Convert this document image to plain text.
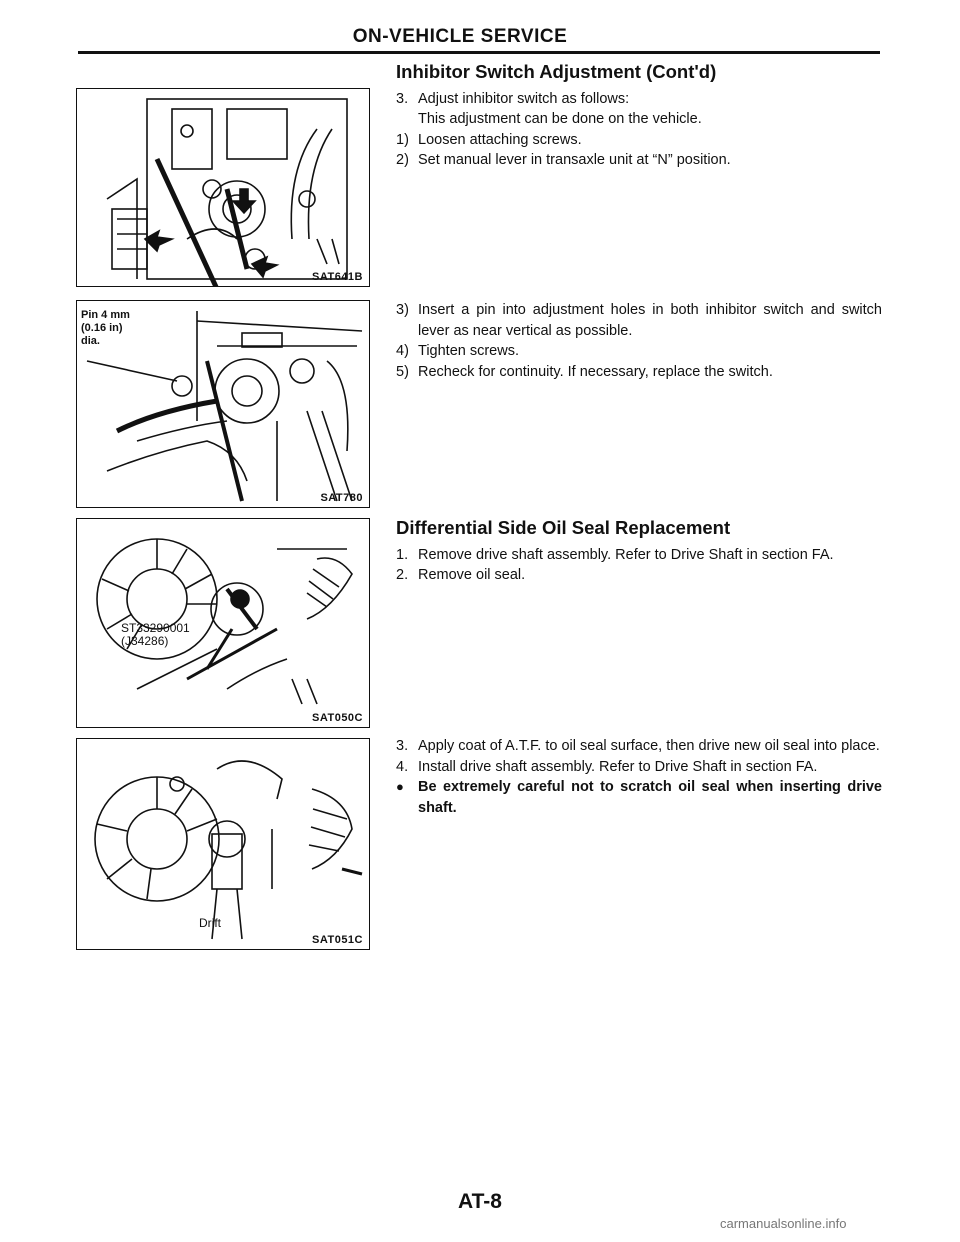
ON-VEHICLE SERVICE
SAT641B
Pin 4 mm
(0.16 in)
dia.
SAT780
ST33290001
(J34286)
SAT050C
Drift
SAT051C
Inhibitor Switch Adjustment (Cont'd)
3. Adjust inhibitor switch as follows:
This adjustment can be done on the vehicle.
1) Loosen attaching screws.
2) Set manual lever in transaxle unit at “N” position.
3) Insert a pin into adjustment holes in both inhibitor switch and switch lever as near vertical as possible.
4) Tighten screws.
5) Recheck for continuity. If necessary, replace the switch.
Differential Side Oil Seal Replacement
1. Remove drive shaft assembly. Refer to Drive Shaft in section FA.
2. Remove oil seal.
3. Apply coat of A.T.F. to oil seal surface, then drive new oil seal into place.
4. Install drive shaft assembly. Refer to Drive Shaft in section FA.
● Be extremely careful not to scratch oil seal when inserting drive shaft.
AT-8
carmanualsonline.info
